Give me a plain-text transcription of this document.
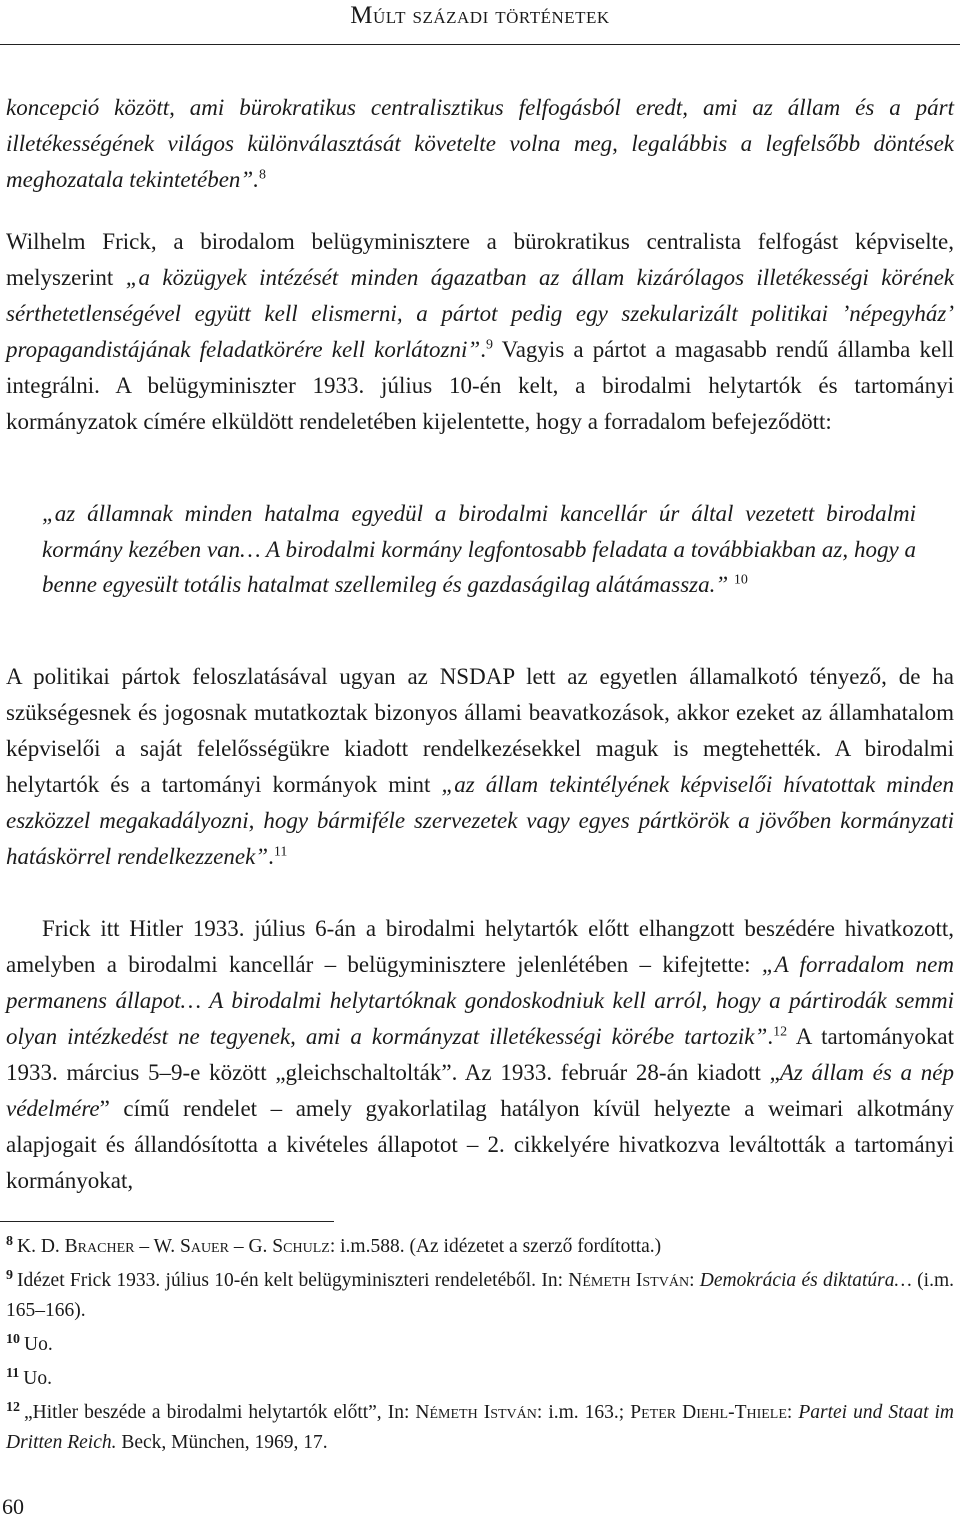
Múlt századi történetek

koncepció között, ami bürokratikus centralisztikus felfogásból eredt, ami az állam és a párt illetékességének világos különválasztását követelte volna meg, legalábbis a legfelsőbb döntések meghozatala tekintetében”.$^8$

Wilhelm Frick, a birodalom belügyminisztere a bürokratikus centralista felfogást képviselte, melyszerint „a közügyek intézését minden ágazatban az állam kizárólagos illetékességi körének sérthetetlenségével együtt kell elismerni, a pártot pedig egy szekularizált politikai ’népegyház’ propagandistájának feladatkörére kell korlátozni”.$^9$ Vagyis a pártot a magasabb rendű államba kell integrálni. A belügyminiszter 1933. július 10-én kelt, a birodalmi helytartók és tartományi kormányzatok címére elküldött rendeletében kijelentette, hogy a forradalom befejeződött:

„az államnak minden hatalma egyedül a birodalmi kancellár úr által vezetett birodalmi kormány kezében van… A birodalmi kormány legfontosabb feladata a továbbiakban az, hogy a benne egyesült totális hatalmat szellemileg és gazdaságilag alátámassza.” $^{10}$

A politikai pártok feloszlatásával ugyan az NSDAP lett az egyetlen államalkotó tényező, de ha szükségesnek és jogosnak mutatkoztak bizonyos állami beavatkozások, akkor ezeket az államhatalom képviselői a saját felelősségükre kiadott rendelkezésekkel maguk is megtehették. A birodalmi helytartók és a tartományi kormányok mint „az állam tekintélyének képviselői hívatottak minden eszközzel megakadályozni, hogy bármiféle szervezetek vagy egyes pártkörök a jövőben kormányzati hatáskörrel rendelkezzenek”.$^{11}$

Frick itt Hitler 1933. július 6-án a birodalmi helytartók előtt elhangzott beszédére hivatkozott, amelyben a birodalmi kancellár – belügyminisztere jelenlétében – kifejtette: „A forradalom nem permanens állapot… A birodalmi helytartóknak gondoskodniuk kell arról, hogy a pártirodák semmi olyan intézkedést ne tegyenek, ami a kormányzat illetékességi körébe tartozik”.$^{12}$ A tartományokat 1933. március 5–9-e között „gleichschaltolták”. Az 1933. február 28-án kiadott „Az állam és a nép védelmére” című rendelet – amely gyakorlatilag hatályon kívül helyezte a weimari alkotmány alapjogait és állandósította a kivételes állapotot – 2. cikkelyére hivatkozva leváltották a tartományi kormányokat,

$^8$ K. D. Bracher – W. Sauer – G. Schulz: i.m.588. (Az idézetet a szerző fordította.)

$^9$ Idézet Frick 1933. július 10-én kelt belügyminiszteri rendeletéből. In: Németh István: Demokrácia és diktatúra… (i.m. 165–166).

$^{10}$ Uo.

$^{11}$ Uo.

$^{12}$ „Hitler beszéde a birodalmi helytartók előtt”, In: Németh István: i.m. 163.; Peter Diehl-Thiele: Partei und Staat im Dritten Reich. Beck, München, 1969, 17.

60
